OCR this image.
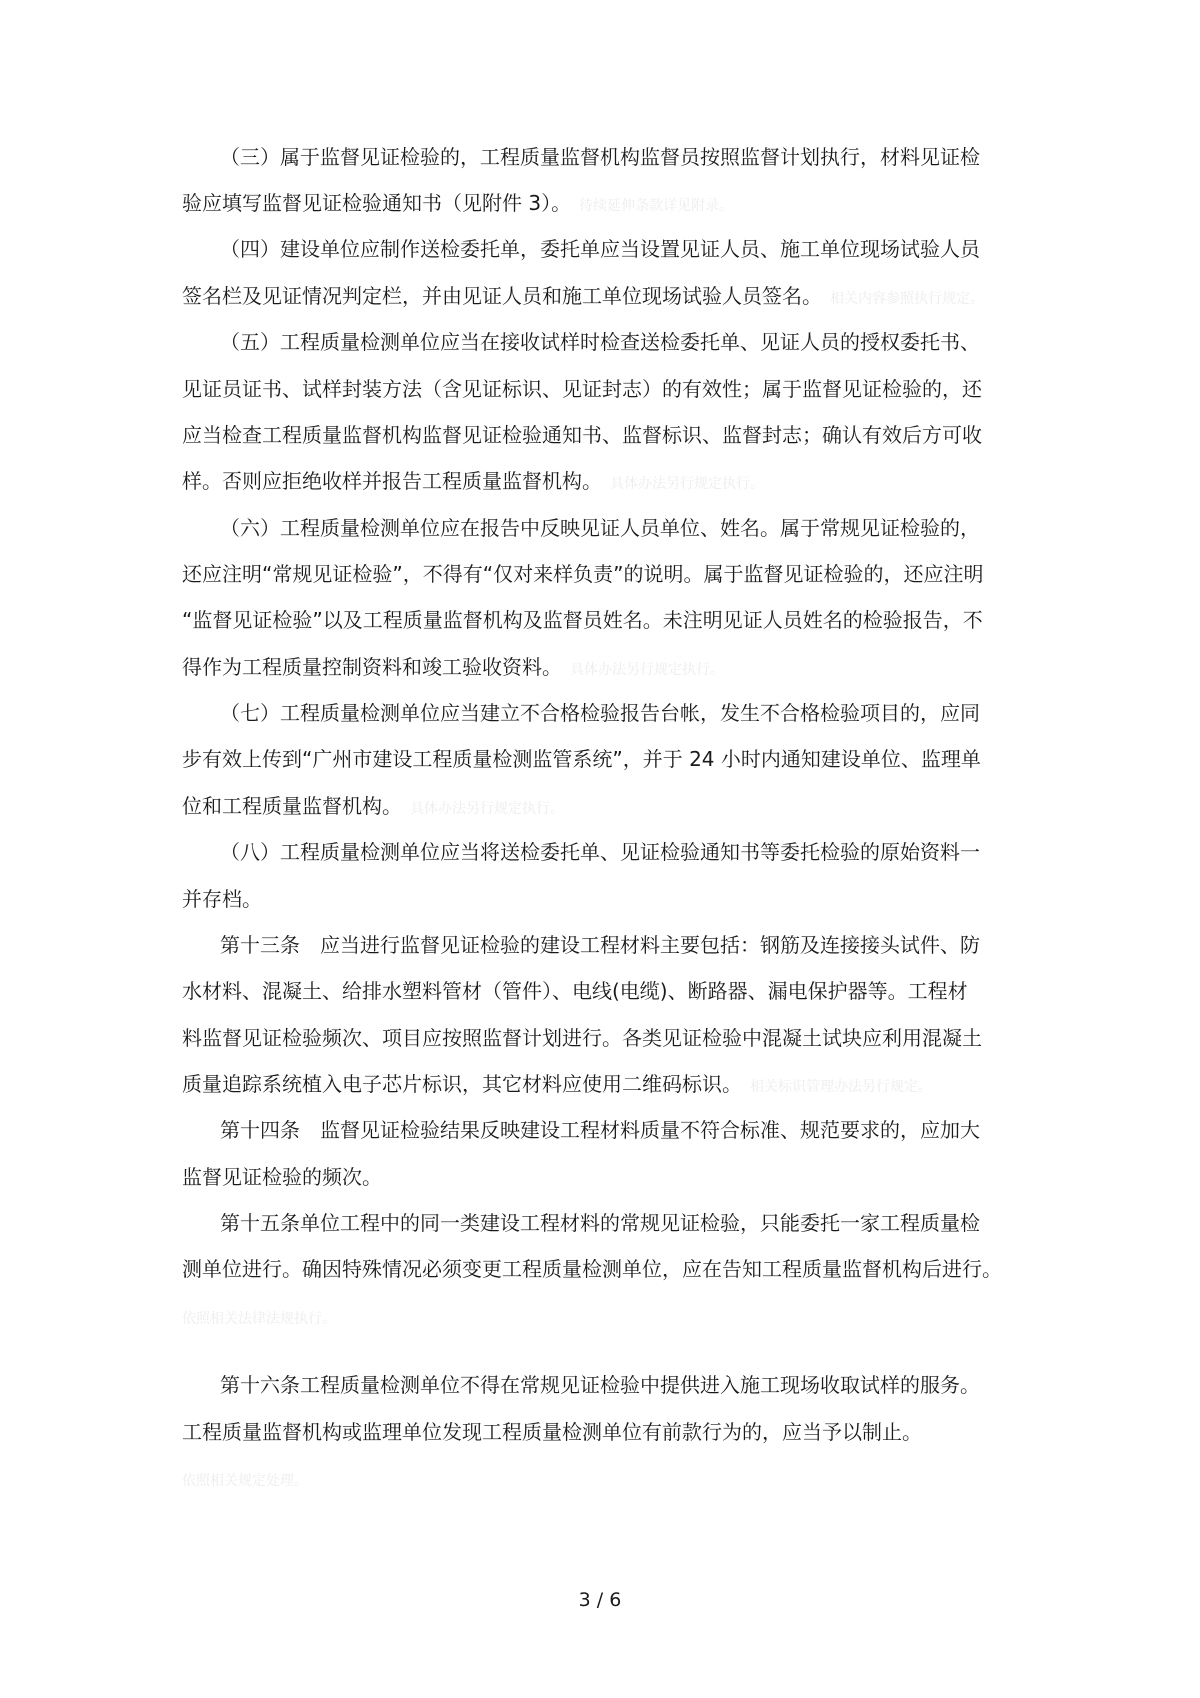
（三）属于监督见证检验的，工程质量监督机构监督员按照监督计划执行，材料见证检
验应填写监督见证检验通知书（见附件 3）。 待续延伸条款详见附录。
（四）建设单位应制作送检委托单，委托单应当设置见证人员、施工单位现场试验人员
签名栏及见证情况判定栏，并由见证人员和施工单位现场试验人员签名。 相关内容参照执行规定。
（五）工程质量检测单位应当在接收试样时检查送检委托单、见证人员的授权委托书、
见证员证书、试样封装方法（含见证标识、见证封志）的有效性；属于监督见证检验的，还
应当检查工程质量监督机构监督见证检验通知书、监督标识、监督封志；确认有效后方可收
样。否则应拒绝收样并报告工程质量监督机构。 具体办法另行规定执行。
（六）工程质量检测单位应在报告中反映见证人员单位、姓名。属于常规见证检验的，
还应注明“常规见证检验”，不得有“仅对来样负责”的说明。属于监督见证检验的，还应注明
“监督见证检验”以及工程质量监督机构及监督员姓名。未注明见证人员姓名的检验报告，不
得作为工程质量控制资料和竣工验收资料。 具体办法另行规定执行。
（七）工程质量检测单位应当建立不合格检验报告台帐，发生不合格检验项目的，应同
步有效上传到“广州市建设工程质量检测监管系统”，并于 24 小时内通知建设单位、监理单
位和工程质量监督机构。 具体办法另行规定执行。
（八）工程质量检测单位应当将送检委托单、见证检验通知书等委托检验的原始资料一
并存档。
第十三条　应当进行监督见证检验的建设工程材料主要包括：钢筋及连接接头试件、防
水材料、混凝土、给排水塑料管材（管件）、电线(电缆)、断路器、漏电保护器等。工程材
料监督见证检验频次、项目应按照监督计划进行。各类见证检验中混凝土试块应利用混凝土
质量追踪系统植入电子芯片标识，其它材料应使用二维码标识。 相关标识管理办法另行规定。
第十四条　监督见证检验结果反映建设工程材料质量不符合标准、规范要求的，应加大
监督见证检验的频次。
第十五条单位工程中的同一类建设工程材料的常规见证检验，只能委托一家工程质量检
测单位进行。确因特殊情况必须变更工程质量检测单位，应在告知工程质量监督机构后进行。
依照相关法律法规执行。
第十六条工程质量检测单位不得在常规见证检验中提供进入施工现场收取试样的服务。
工程质量监督机构或监理单位发现工程质量检测单位有前款行为的，应当予以制止。
依照相关规定处理。
3 / 6
